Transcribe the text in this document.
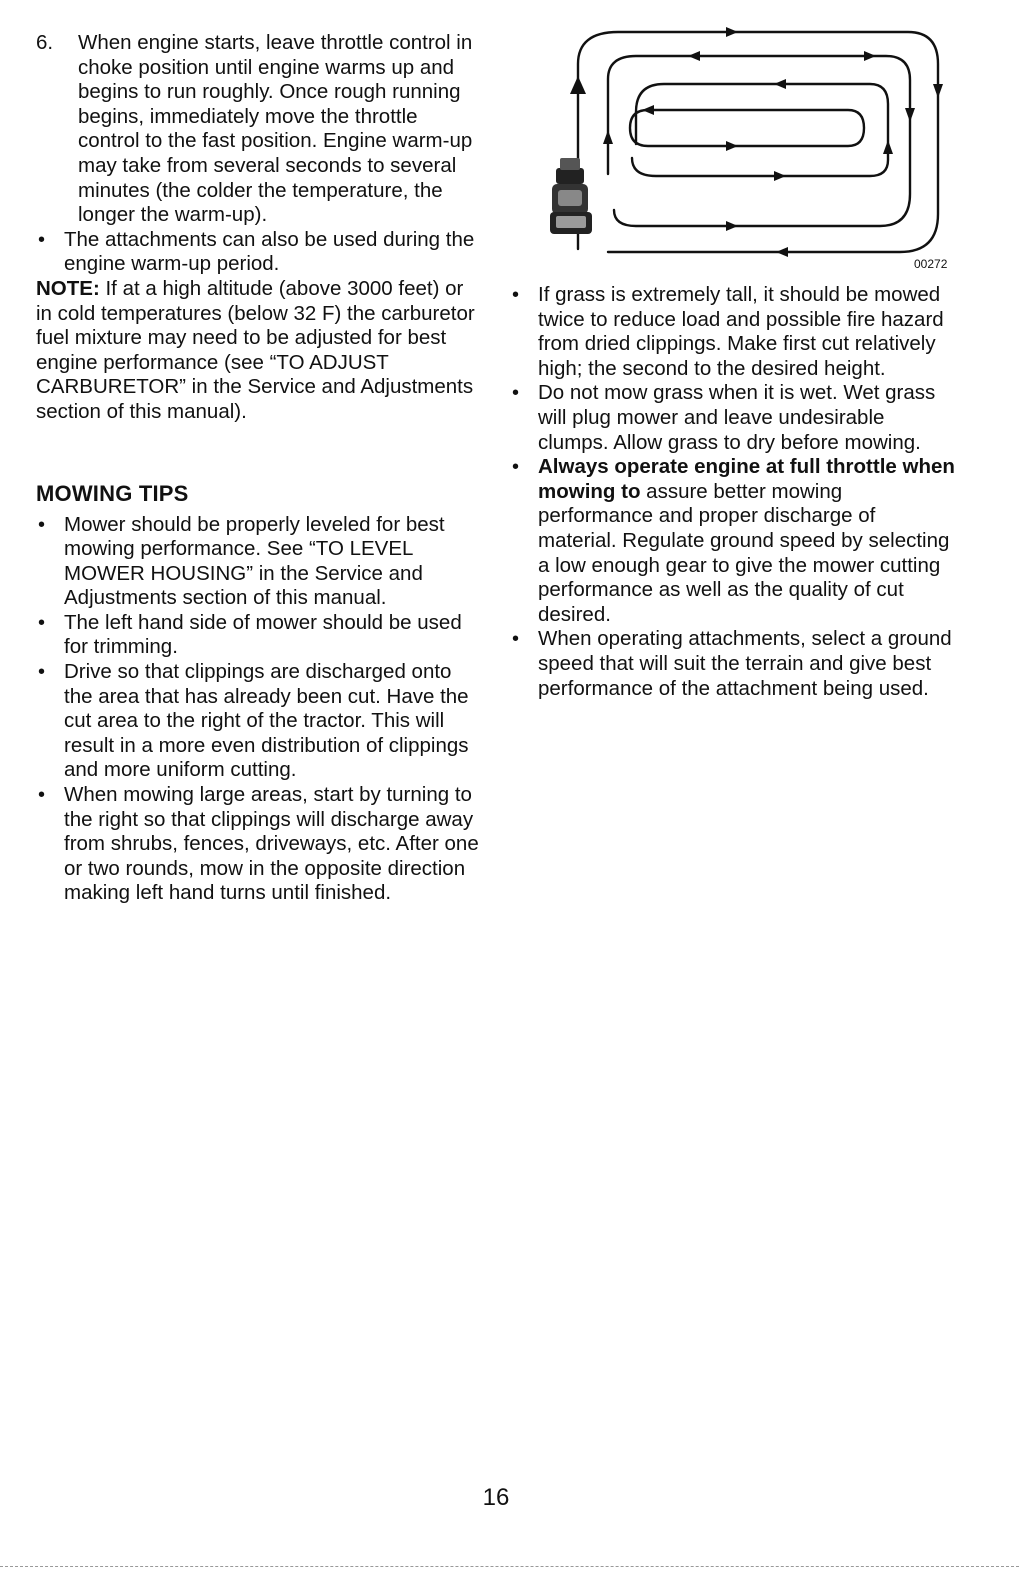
6. When engine starts, leave throttle control in choke position until engine warms up and begins to run roughly. Once rough running begins, immediately move the throttle control to the fast position. Engine warm-up may take from several seconds to several minutes (the colder the temperature, the longer the warm-up).
• The attachments can also be used during the engine warm-up period.

NOTE: If at a high altitude (above 3000 feet) or in cold temperatures (below 32 F) the carburetor fuel mixture may need to be adjusted for best engine performance (see “TO ADJUST CARBURETOR” in the Service and Adjustments section of this manual).

MOWING TIPS
• Mower should be properly leveled for best mowing performance. See “TO LEVEL MOWER HOUSING” in the Service and Adjustments section of this manual.
• The left hand side of mower should be used for trimming.
• Drive so that clippings are discharged onto the area that has already been cut. Have the cut area to the right of the tractor. This will result in a more even distribution of clippings and more uniform cutting.
• When mowing large areas, start by turning to the right so that clippings will discharge away from shrubs, fences, driveways, etc. After one or two rounds, mow in the opposite direction making left hand turns until finished.
00272
• If grass is extremely tall, it should be mowed twice to reduce load and possible fire hazard from dried clippings. Make first cut relatively high; the second to the desired height.
• Do not mow grass when it is wet. Wet grass will plug mower and leave undesirable clumps. Allow grass to dry before mowing.
• Always operate engine at full throttle when mowing to assure better mowing performance and proper discharge of material. Regulate ground speed by selecting a low enough gear to give the mower cutting performance as well as the quality of cut desired.
• When operating attachments, select a ground speed that will suit the terrain and give best performance of the attachment being used.
16
